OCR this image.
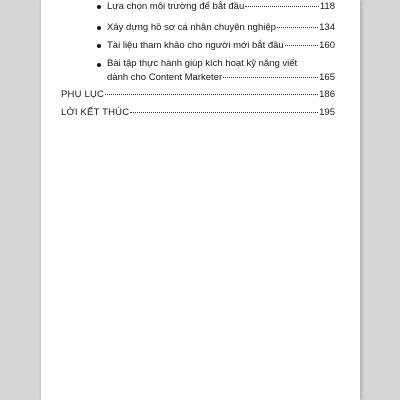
Lựa chọn môi trường để bắt đầu	118
Xây dựng hồ sơ cá nhân chuyên nghiệp	134
Tài liệu tham khảo cho người mới bắt đầu	160
Bài tập thực hành giúp kích hoạt kỹ năng viết
dành cho Content Marketer	165
PHỤ LỤC	186
LỜI KẾT THÚC	195
